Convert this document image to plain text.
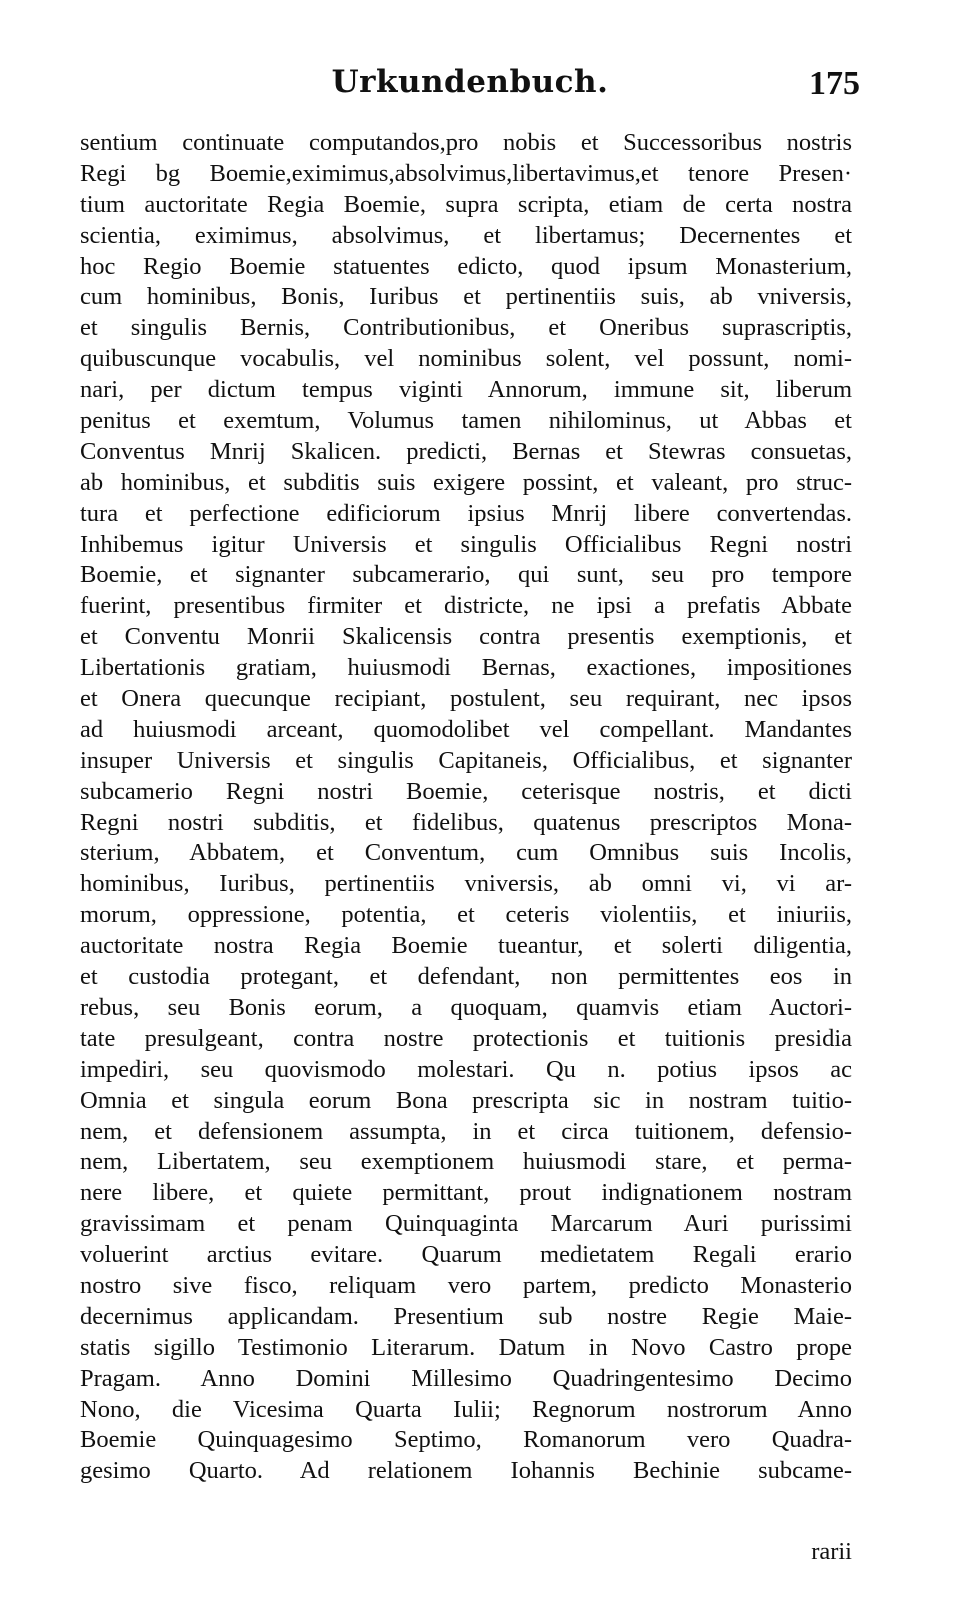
Urkundenbuch.	175
sentium continuate computandos,pro nobis et Successoribus nostris
Regi bg Boemie,eximimus,absolvimus,libertavimus,et tenore Presen·
tium auctoritate Regia Boemie, supra scripta, etiam de certa nostra
scientia, eximimus, absolvimus, et libertamus; Decernentes et
hoc Regio Boemie statuentes edicto, quod ipsum Monasterium,
cum hominibus, Bonis, Iuribus et pertinentiis suis, ab vniversis,
et singulis Bernis, Contributionibus, et Oneribus suprascriptis,
quibuscunque vocabulis, vel nominibus solent, vel possunt, nomi-
nari, per dictum tempus viginti Annorum, immune sit, liberum
penitus et exemtum, Volumus tamen nihilominus, ut Abbas et
Conventus Mnrij Skalicen. predicti, Bernas et Stewras consuetas,
ab hominibus, et subditis suis exigere possint, et valeant, pro struc-
tura et perfectione edificiorum ipsius Mnrij libere convertendas.
Inhibemus igitur Universis et singulis Officialibus Regni nostri
Boemie, et signanter subcamerario, qui sunt, seu pro tempore
fuerint, presentibus firmiter et districte, ne ipsi a prefatis Abbate
et Conventu Monrii Skalicensis contra presentis exemptionis, et
Libertationis gratiam, huiusmodi Bernas, exactiones, impositiones
et Onera quecunque recipiant, postulent, seu requirant, nec ipsos
ad huiusmodi arceant, quomodolibet vel compellant. Mandantes
insuper Universis et singulis Capitaneis, Officialibus, et signanter
subcamerio Regni nostri Boemie, ceterisque nostris, et dicti
Regni nostri subditis, et fidelibus, quatenus prescriptos Mona-
sterium, Abbatem, et Conventum, cum Omnibus suis Incolis,
hominibus, Iuribus, pertinentiis vniversis, ab omni vi, vi ar-
morum, oppressione, potentia, et ceteris violentiis, et iniuriis,
auctoritate nostra Regia Boemie tueantur, et solerti diligentia,
et custodia protegant, et defendant, non permittentes eos in
rebus, seu Bonis eorum, a quoquam, quamvis etiam Auctori-
tate presulgeant, contra nostre protectionis et tuitionis presidia
impediri, seu quovismodo molestari. Qu n. potius ipsos ac
Omnia et singula eorum Bona prescripta sic in nostram tuitio-
nem, et defensionem assumpta, in et circa tuitionem, defensio-
nem, Libertatem, seu exemptionem huiusmodi stare, et perma-
nere libere, et quiete permittant, prout indignationem nostram
gravissimam et penam Quinquaginta Marcarum Auri purissimi
voluerint arctius evitare. Quarum medietatem Regali erario
nostro sive fisco, reliquam vero partem, predicto Monasterio
decernimus applicandam. Presentium sub nostre Regie Maie-
statis sigillo Testimonio Literarum. Datum in Novo Castro prope
Pragam. Anno Domini Millesimo Quadringentesimo Decimo
Nono, die Vicesima Quarta Iulii; Regnorum nostrorum Anno
Boemie Quinquagesimo Septimo, Romanorum vero Quadra-
gesimo Quarto. Ad relationem Iohannis Bechinie subcame-
rarii
